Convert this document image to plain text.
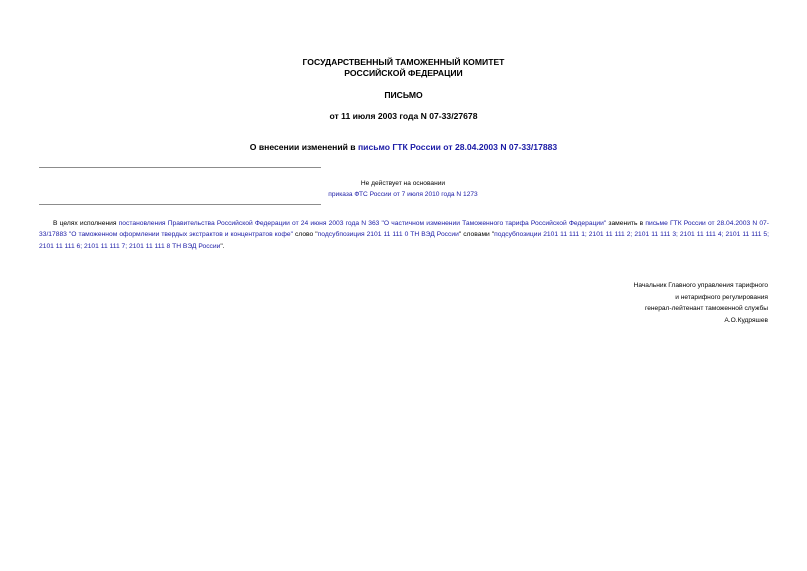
ГОСУДАРСТВЕННЫЙ ТАМОЖЕННЫЙ КОМИТЕТ
РОССИЙСКОЙ ФЕДЕРАЦИИ
ПИСЬМО
от 11 июля 2003 года N 07-33/27678
О внесении изменений в письмо ГТК России от 28.04.2003 N 07-33/17883
Не действует на основании
приказа ФТС России от 7 июля 2010 года N 1273
В целях исполнения постановления Правительства Российской Федерации от 24 июня 2003 года N 363 "О частичном изменении Таможенного тарифа Российской Федерации" заменить в письме ГТК России от 28.04.2003 N 07-33/17883 "О таможенном оформлении твердых экстрактов и концентратов кофе" слово "подсубпозиция 2101 11 111 0 ТН ВЭД России" словами "подсубпозиции 2101 11 111 1; 2101 11 111 2; 2101 11 111 3; 2101 11 111 4; 2101 11 111 5; 2101 11 111 6; 2101 11 111 7; 2101 11 111 8 ТН ВЭД России".
Начальник Главного управления тарифного
и нетарифного регулирования
генерал-лейтенант таможенной службы
А.О.Кудряшев
